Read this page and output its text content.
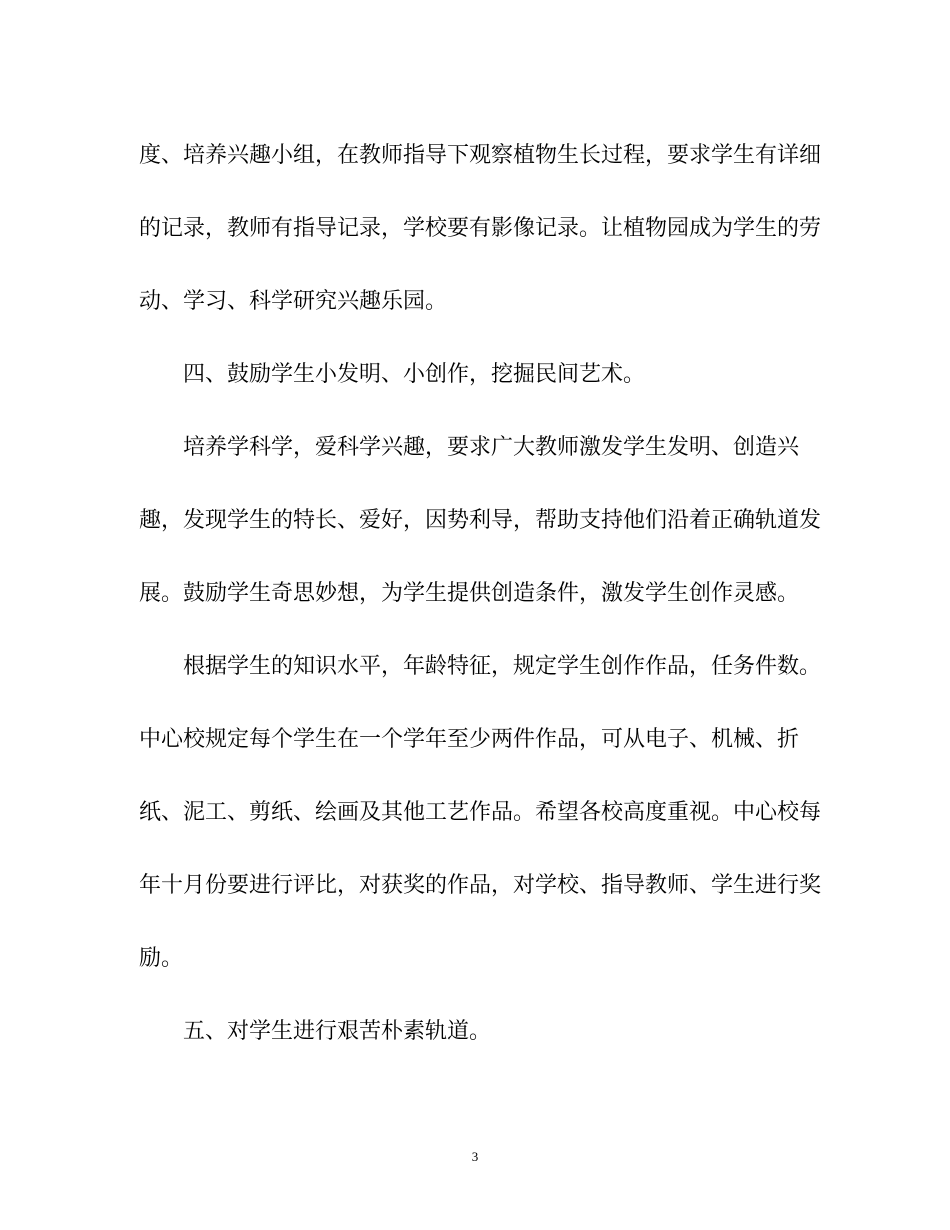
度、培养兴趣小组，在教师指导下观察植物生长过程，要求学生有详细
的记录，教师有指导记录，学校要有影像记录。让植物园成为学生的劳
动、学习、科学研究兴趣乐园。
四、鼓励学生小发明、小创作，挖掘民间艺术。
培养学科学，爱科学兴趣，要求广大教师激发学生发明、创造兴
趣，发现学生的特长、爱好，因势利导，帮助支持他们沿着正确轨道发
展。鼓励学生奇思妙想，为学生提供创造条件，激发学生创作灵感。
根据学生的知识水平，年龄特征，规定学生创作作品，任务件数。
中心校规定每个学生在一个学年至少两件作品，可从电子、机械、折
纸、泥工、剪纸、绘画及其他工艺作品。希望各校高度重视。中心校每
年十月份要进行评比，对获奖的作品，对学校、指导教师、学生进行奖
励。
五、对学生进行艰苦朴素轨道。
3
